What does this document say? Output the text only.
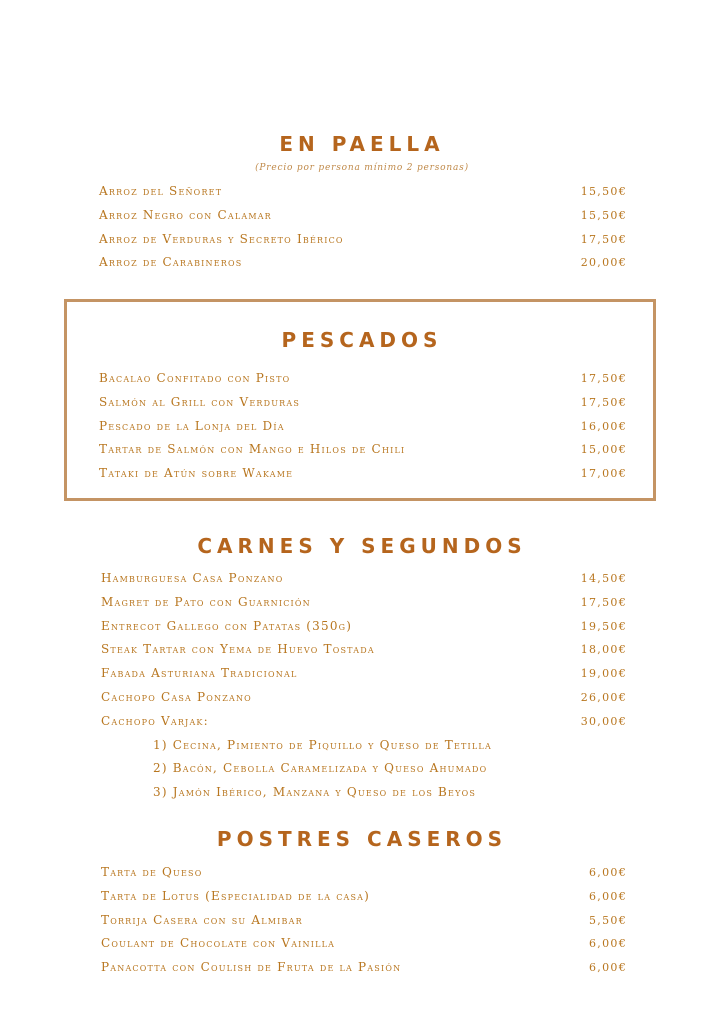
EN PAELLA
(Precio por persona mínimo 2 personas)
Arroz del Señoret	15,50€
Arroz Negro con Calamar	15,50€
Arroz de Verduras y Secreto Ibérico	17,50€
Arroz de Carabineros	20,00€
PESCADOS
Bacalao Confitado con Pisto	17,50€
Salmón al Grill con Verduras	17,50€
Pescado de la Lonja del Día	16,00€
Tartar de Salmón con Mango e Hilos de Chili	15,00€
Tataki de Atún sobre Wakame	17,00€
CARNES Y SEGUNDOS
Hamburguesa Casa Ponzano	14,50€
Magret de Pato con Guarnición	17,50€
Entrecot Gallego con Patatas (350g)	19,50€
Steak Tartar con Yema de Huevo Tostada	18,00€
Fabada Asturiana Tradicional	19,00€
Cachopo Casa Ponzano	26,00€
Cachopo Varjak:	30,00€
1) Cecina, Pimiento de Piquillo y Queso de Tetilla
2) Bacón, Cebolla Caramelizada y Queso Ahumado
3) Jamón Ibérico, Manzana y Queso de los Beyos
POSTRES CASEROS
Tarta de Queso	6,00€
Tarta de Lotus (Especialidad de la casa)	6,00€
Torrija Casera con su Almibar	5,50€
Coulant de Chocolate con Vainilla	6,00€
Panacotta con Coulish de Fruta de la Pasión	6,00€
